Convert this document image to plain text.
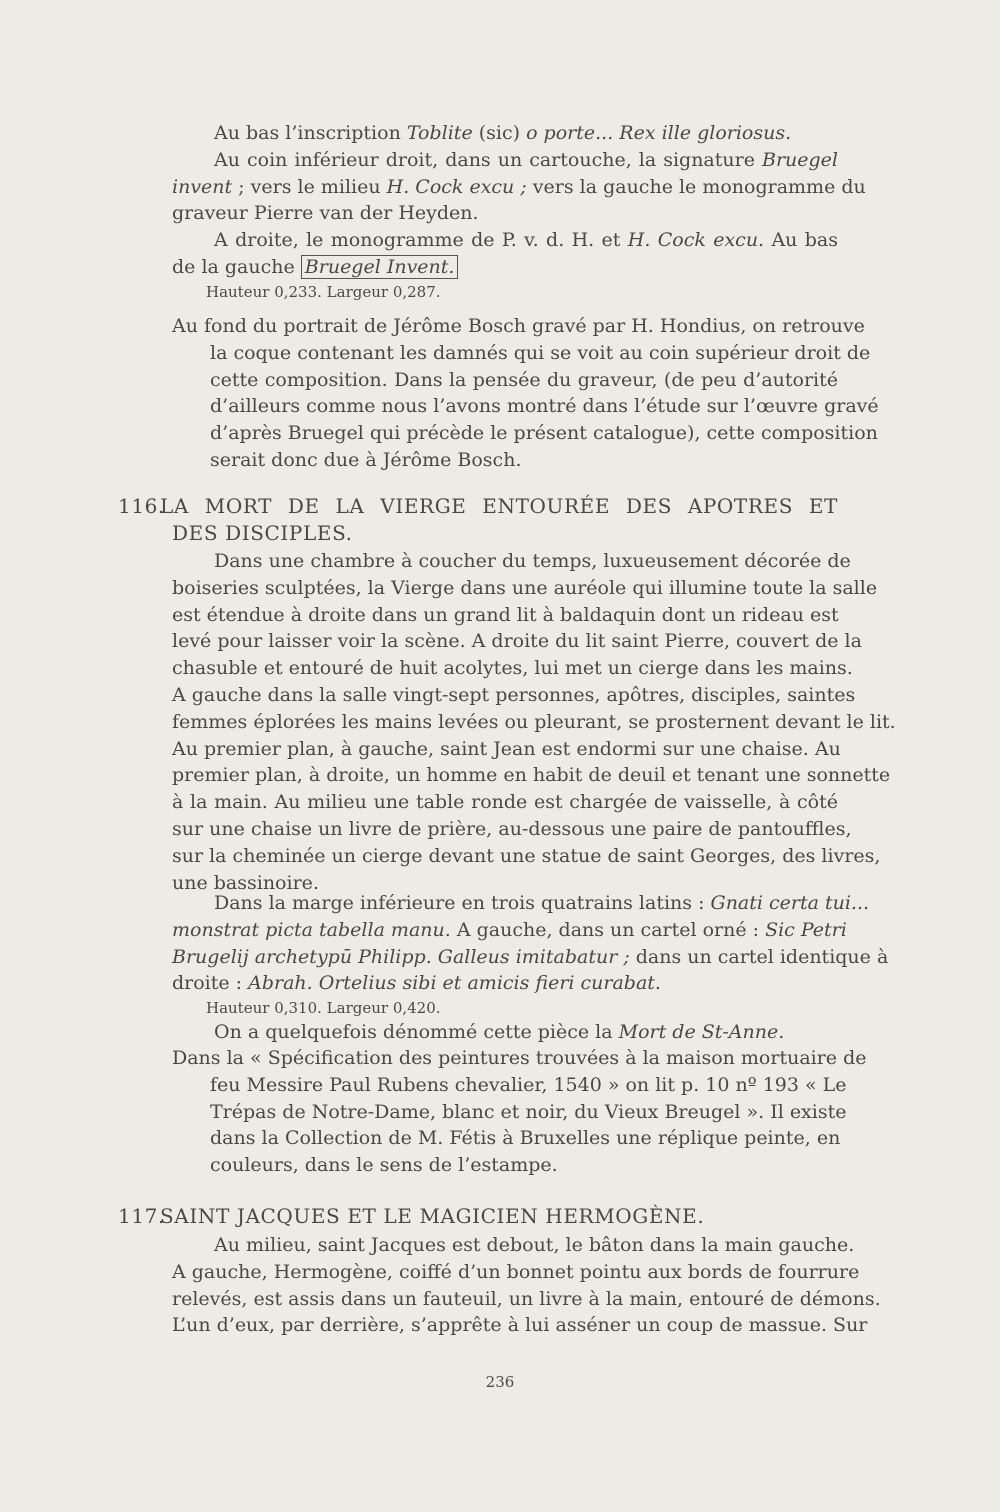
Au bas l’inscription Toblite (sic) o porte... Rex ille gloriosus.
Au coin inférieur droit, dans un cartouche, la signature Bruegel
invent ; vers le milieu H. Cock excu ; vers la gauche le monogramme du
graveur Pierre van der Heyden.
A droite, le monogramme de P. v. d. H. et H. Cock excu. Au bas
de la gauche Bruegel Invent.
Hauteur 0,233. Largeur 0,287.
Au fond du portrait de Jérôme Bosch gravé par H. Hondius, on retrouve
la coque contenant les damnés qui se voit au coin supérieur droit de
cette composition. Dans la pensée du graveur, (de peu d’autorité
d’ailleurs comme nous l’avons montré dans l’étude sur l’œuvre gravé
d’après Bruegel qui précède le présent catalogue), cette composition
serait donc due à Jérôme Bosch.
116.LA MORT DE LA VIERGE ENTOURÉE DES APOTRES ET
DES DISCIPLES.
Dans une chambre à coucher du temps, luxueusement décorée de
boiseries sculptées, la Vierge dans une auréole qui illumine toute la salle
est étendue à droite dans un grand lit à baldaquin dont un rideau est
levé pour laisser voir la scène. A droite du lit saint Pierre, couvert de la
chasuble et entouré de huit acolytes, lui met un cierge dans les mains.
A gauche dans la salle vingt-sept personnes, apôtres, disciples, saintes
femmes éplorées les mains levées ou pleurant, se prosternent devant le lit.
Au premier plan, à gauche, saint Jean est endormi sur une chaise. Au
premier plan, à droite, un homme en habit de deuil et tenant une sonnette
à la main. Au milieu une table ronde est chargée de vaisselle, à côté
sur une chaise un livre de prière, au-dessous une paire de pantouffles,
sur la cheminée un cierge devant une statue de saint Georges, des livres,
une bassinoire.
Dans la marge inférieure en trois quatrains latins : Gnati certa tui...
monstrat picta tabella manu. A gauche, dans un cartel orné : Sic Petri
Brugelij archetypū Philipp. Galleus imitabatur ; dans un cartel identique à
droite : Abrah. Ortelius sibi et amicis fieri curabat.
Hauteur 0,310. Largeur 0,420.
On a quelquefois dénommé cette pièce la Mort de St-Anne.
Dans la « Spécification des peintures trouvées à la maison mortuaire de
feu Messire Paul Rubens chevalier, 1540 » on lit p. 10 nº 193 « Le
Trépas de Notre-Dame, blanc et noir, du Vieux Breugel ». Il existe
dans la Collection de M. Fétis à Bruxelles une réplique peinte, en
couleurs, dans le sens de l’estampe.
117.SAINT JACQUES ET LE MAGICIEN HERMOGÈNE.
Au milieu, saint Jacques est debout, le bâton dans la main gauche.
A gauche, Hermogène, coiffé d’un bonnet pointu aux bords de fourrure
relevés, est assis dans un fauteuil, un livre à la main, entouré de démons.
L’un d’eux, par derrière, s’apprête à lui asséner un coup de massue. Sur
236
